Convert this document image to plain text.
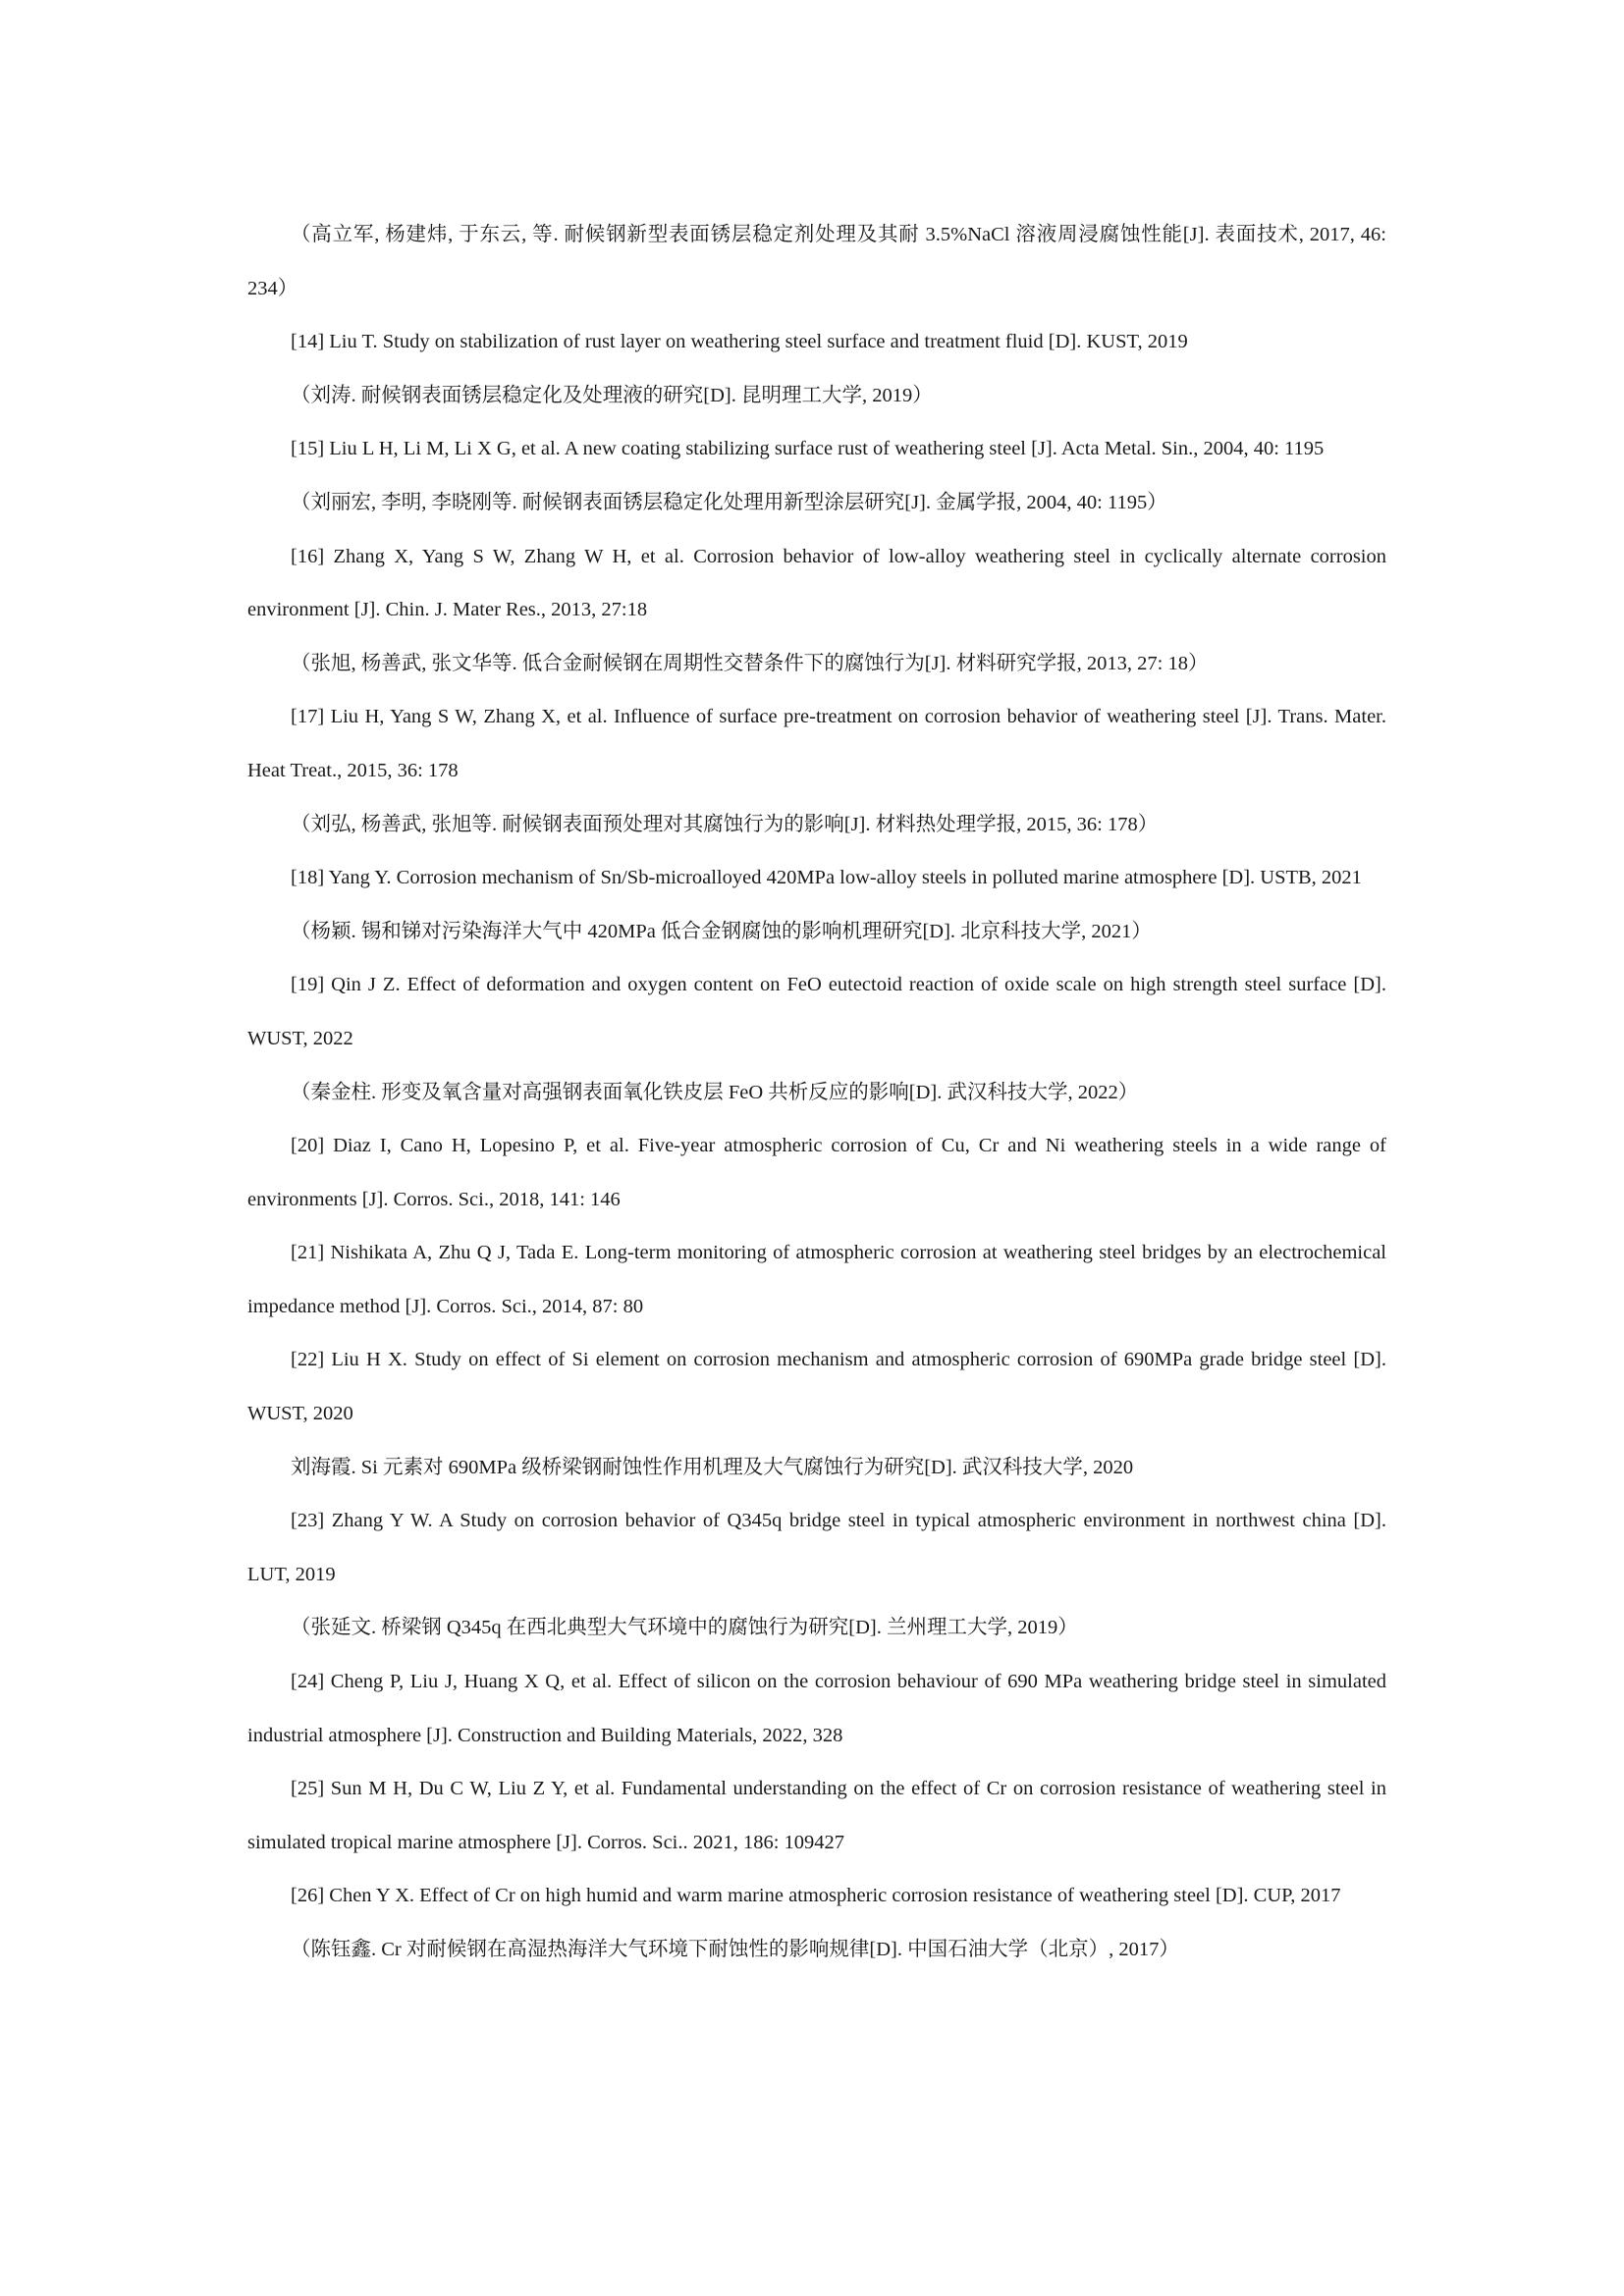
（高立军, 杨建炜, 于东云, 等. 耐候钢新型表面锈层稳定剂处理及其耐 3.5%NaCl 溶液周浸腐蚀性能[J]. 表面技术, 2017, 46: 234）
[14] Liu T. Study on stabilization of rust layer on weathering steel surface and treatment fluid [D]. KUST, 2019
（刘涛. 耐候钢表面锈层稳定化及处理液的研究[D]. 昆明理工大学, 2019）
[15] Liu L H, Li M, Li X G, et al. A new coating stabilizing surface rust of weathering steel [J]. Acta Metal. Sin., 2004, 40: 1195
（刘丽宏, 李明, 李晓刚等. 耐候钢表面锈层稳定化处理用新型涂层研究[J]. 金属学报, 2004, 40: 1195）
[16] Zhang X, Yang S W, Zhang W H, et al. Corrosion behavior of low-alloy weathering steel in cyclically alternate corrosion environment [J]. Chin. J. Mater Res., 2013, 27:18
（张旭, 杨善武, 张文华等. 低合金耐候钢在周期性交替条件下的腐蚀行为[J]. 材料研究学报, 2013, 27: 18）
[17] Liu H, Yang S W, Zhang X, et al. Influence of surface pre-treatment on corrosion behavior of weathering steel [J]. Trans. Mater. Heat Treat., 2015, 36: 178
（刘弘, 杨善武, 张旭等. 耐候钢表面预处理对其腐蚀行为的影响[J]. 材料热处理学报, 2015, 36: 178）
[18] Yang Y. Corrosion mechanism of Sn/Sb-microalloyed 420MPa low-alloy steels in polluted marine atmosphere [D]. USTB, 2021
（杨颖. 锡和锑对污染海洋大气中 420MPa 低合金钢腐蚀的影响机理研究[D]. 北京科技大学, 2021）
[19] Qin J Z. Effect of deformation and oxygen content on FeO eutectoid reaction of oxide scale on high strength steel surface [D]. WUST, 2022
（秦金柱. 形变及氧含量对高强钢表面氧化铁皮层 FeO 共析反应的影响[D]. 武汉科技大学, 2022）
[20] Diaz I, Cano H, Lopesino P, et al. Five-year atmospheric corrosion of Cu, Cr and Ni weathering steels in a wide range of environments [J]. Corros. Sci., 2018, 141: 146
[21] Nishikata A, Zhu Q J, Tada E. Long-term monitoring of atmospheric corrosion at weathering steel bridges by an electrochemical impedance method [J]. Corros. Sci., 2014, 87: 80
[22] Liu H X. Study on effect of Si element on corrosion mechanism and atmospheric corrosion of 690MPa grade bridge steel [D]. WUST, 2020
刘海霞. Si 元素对 690MPa 级桥梁钢耐蚀性作用机理及大气腐蚀行为研究[D]. 武汉科技大学, 2020
[23] Zhang Y W. A Study on corrosion behavior of Q345q bridge steel in typical atmospheric environment in northwest china [D]. LUT, 2019
（张延文. 桥梁钢 Q345q 在西北典型大气环境中的腐蚀行为研究[D]. 兰州理工大学, 2019）
[24] Cheng P, Liu J, Huang X Q, et al. Effect of silicon on the corrosion behaviour of 690 MPa weathering bridge steel in simulated industrial atmosphere [J]. Construction and Building Materials, 2022, 328
[25] Sun M H, Du C W, Liu Z Y, et al. Fundamental understanding on the effect of Cr on corrosion resistance of weathering steel in simulated tropical marine atmosphere [J]. Corros. Sci.. 2021, 186: 109427
[26] Chen Y X. Effect of Cr on high humid and warm marine atmospheric corrosion resistance of weathering steel [D]. CUP, 2017
（陈钰鑫. Cr 对耐候钢在高湿热海洋大气环境下耐蚀性的影响规律[D]. 中国石油大学（北京）, 2017）
